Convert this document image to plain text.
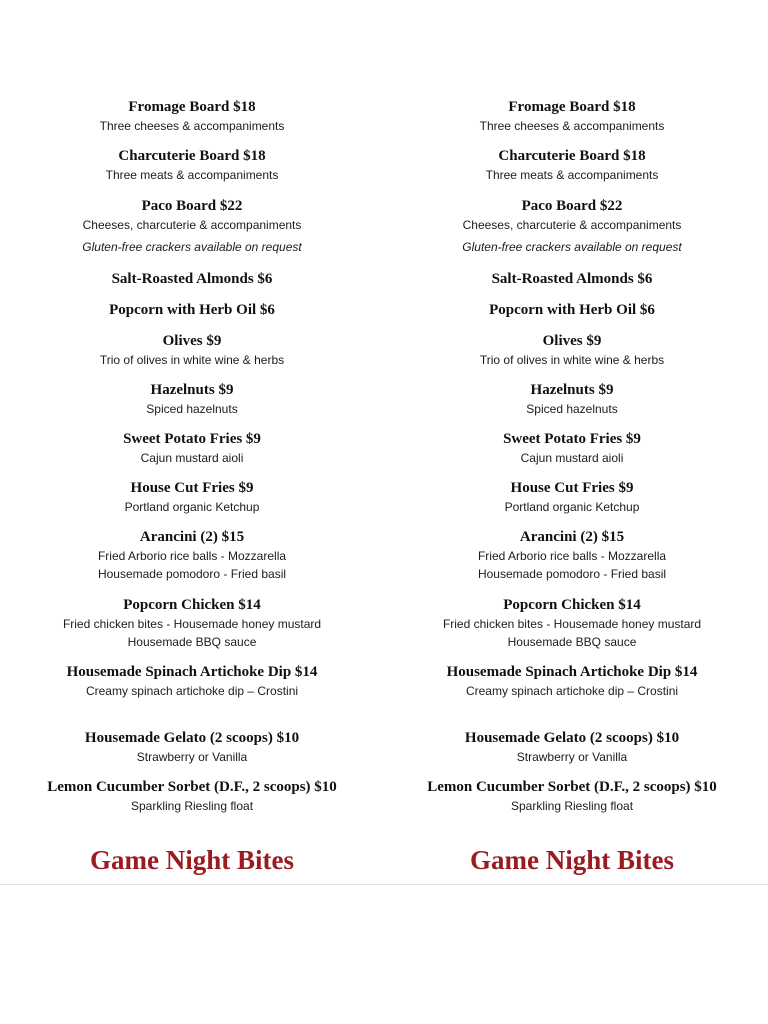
Fromage Board $18
Three cheeses & accompaniments
Charcuterie Board $18
Three meats & accompaniments
Paco Board $22
Cheeses, charcuterie & accompaniments
Gluten-free crackers available on request
Salt-Roasted Almonds $6
Popcorn with Herb Oil $6
Olives $9
Trio of olives in white wine & herbs
Hazelnuts $9
Spiced hazelnuts
Sweet Potato Fries $9
Cajun mustard aioli
House Cut Fries $9
Portland organic Ketchup
Arancini (2) $15
Fried Arborio rice balls - Mozzarella
Housemade pomodoro - Fried basil
Popcorn Chicken $14
Fried chicken bites - Housemade honey mustard
Housemade BBQ sauce
Housemade Spinach Artichoke Dip $14
Creamy spinach artichoke dip – Crostini
Housemade Gelato (2 scoops) $10
Strawberry or Vanilla
Lemon Cucumber Sorbet (D.F., 2 scoops) $10
Sparkling Riesling float
Game Night Bites
Fromage Board $18
Three cheeses & accompaniments
Charcuterie Board $18
Three meats & accompaniments
Paco Board $22
Cheeses, charcuterie & accompaniments
Gluten-free crackers available on request
Salt-Roasted Almonds $6
Popcorn with Herb Oil $6
Olives $9
Trio of olives in white wine & herbs
Hazelnuts $9
Spiced hazelnuts
Sweet Potato Fries $9
Cajun mustard aioli
House Cut Fries $9
Portland organic Ketchup
Arancini (2) $15
Fried Arborio rice balls - Mozzarella
Housemade pomodoro - Fried basil
Popcorn Chicken $14
Fried chicken bites - Housemade honey mustard
Housemade BBQ sauce
Housemade Spinach Artichoke Dip $14
Creamy spinach artichoke dip – Crostini
Housemade Gelato (2 scoops) $10
Strawberry or Vanilla
Lemon Cucumber Sorbet (D.F., 2 scoops) $10
Sparkling Riesling float
Game Night Bites
